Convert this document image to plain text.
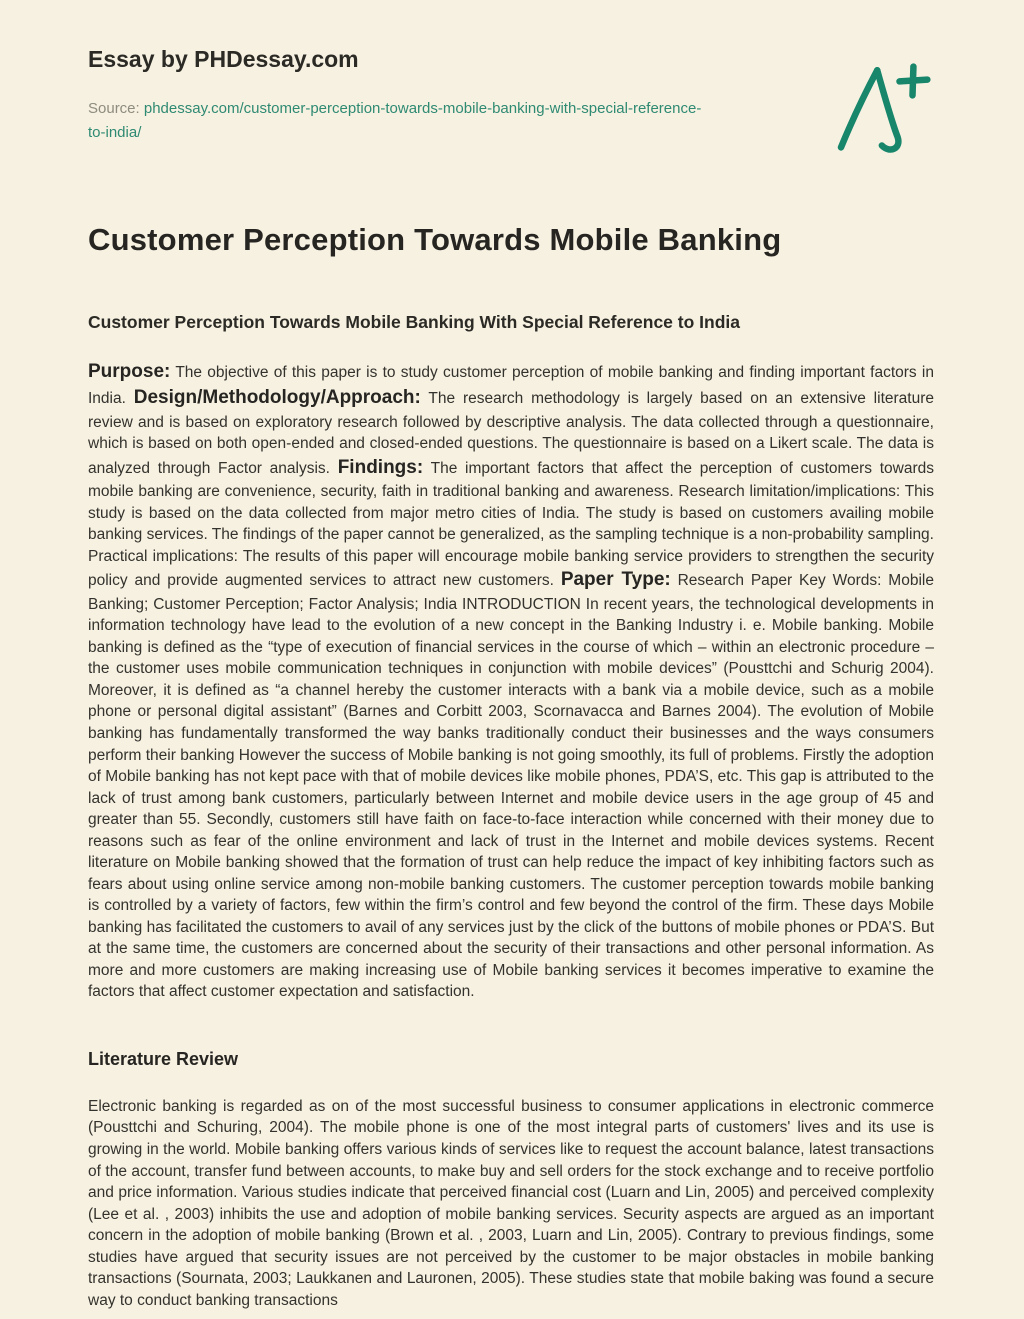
Essay by PHDessay.com

Source: phdessay.com/customer-perception-towards-mobile-banking-with-special-reference-to-india/

Customer Perception Towards Mobile Banking
Customer Perception Towards Mobile Banking With Special Reference to India

Purpose: The objective of this paper is to study customer perception of mobile banking and finding important factors in India. Design/Methodology/Approach: The research methodology is largely based on an extensive literature review and is based on exploratory research followed by descriptive analysis. The data collected through a questionnaire, which is based on both open-ended and closed-ended questions. The questionnaire is based on a Likert scale. The data is analyzed through Factor analysis. Findings: The important factors that affect the perception of customers towards mobile banking are convenience, security, faith in traditional banking and awareness. Research limitation/implications: This study is based on the data collected from major metro cities of India. The study is based on customers availing mobile banking services. The findings of the paper cannot be generalized, as the sampling technique is a non-probability sampling. Practical implications: The results of this paper will encourage mobile banking service providers to strengthen the security policy and provide augmented services to attract new customers. Paper Type: Research Paper Key Words: Mobile Banking; Customer Perception; Factor Analysis; India INTRODUCTION In recent years, the technological developments in information technology have lead to the evolution of a new concept in the Banking Industry i. e. Mobile banking. Mobile banking is defined as the “type of execution of financial services in the course of which – within an electronic procedure – the customer uses mobile communication techniques in conjunction with mobile devices” (Pousttchi and Schurig 2004). Moreover, it is defined as “a channel hereby the customer interacts with a bank via a mobile device, such as a mobile phone or personal digital assistant” (Barnes and Corbitt 2003, Scornavacca and Barnes 2004). The evolution of Mobile banking has fundamentally transformed the way banks traditionally conduct their businesses and the ways consumers perform their banking However the success of Mobile banking is not going smoothly, its full of problems. Firstly the adoption of Mobile banking has not kept pace with that of mobile devices like mobile phones, PDA’S, etc. This gap is attributed to the lack of trust among bank customers, particularly between Internet and mobile device users in the age group of 45 and greater than 55. Secondly, customers still have faith on face-to-face interaction while concerned with their money due to reasons such as fear of the online environment and lack of trust in the Internet and mobile devices systems. Recent literature on Mobile banking showed that the formation of trust can help reduce the impact of key inhibiting factors such as fears about using online service among non-mobile banking customers. The customer perception towards mobile banking is controlled by a variety of factors, few within the firm’s control and few beyond the control of the firm. These days Mobile banking has facilitated the customers to avail of any services just by the click of the buttons of mobile phones or PDA’S. But at the same time, the customers are concerned about the security of their transactions and other personal information. As more and more customers are making increasing use of Mobile banking services it becomes imperative to examine the factors that affect customer expectation and satisfaction.

Literature Review

Electronic banking is regarded as on of the most successful business to consumer applications in electronic commerce (Pousttchi and Schuring, 2004). The mobile phone is one of the most integral parts of customers' lives and its use is growing in the world. Mobile banking offers various kinds of services like to request the account balance, latest transactions of the account, transfer fund between accounts, to make buy and sell orders for the stock exchange and to receive portfolio and price information. Various studies indicate that perceived financial cost (Luarn and Lin, 2005) and perceived complexity (Lee et al. , 2003) inhibits the use and adoption of mobile banking services. Security aspects are argued as an important concern in the adoption of mobile banking (Brown et al. , 2003, Luarn and Lin, 2005). Contrary to previous findings, some studies have argued that security issues are not perceived by the customer to be major obstacles in mobile banking transactions (Sournata, 2003; Laukkanen and Lauronen, 2005). These studies state that mobile baking was found a secure way to conduct banking transactions
